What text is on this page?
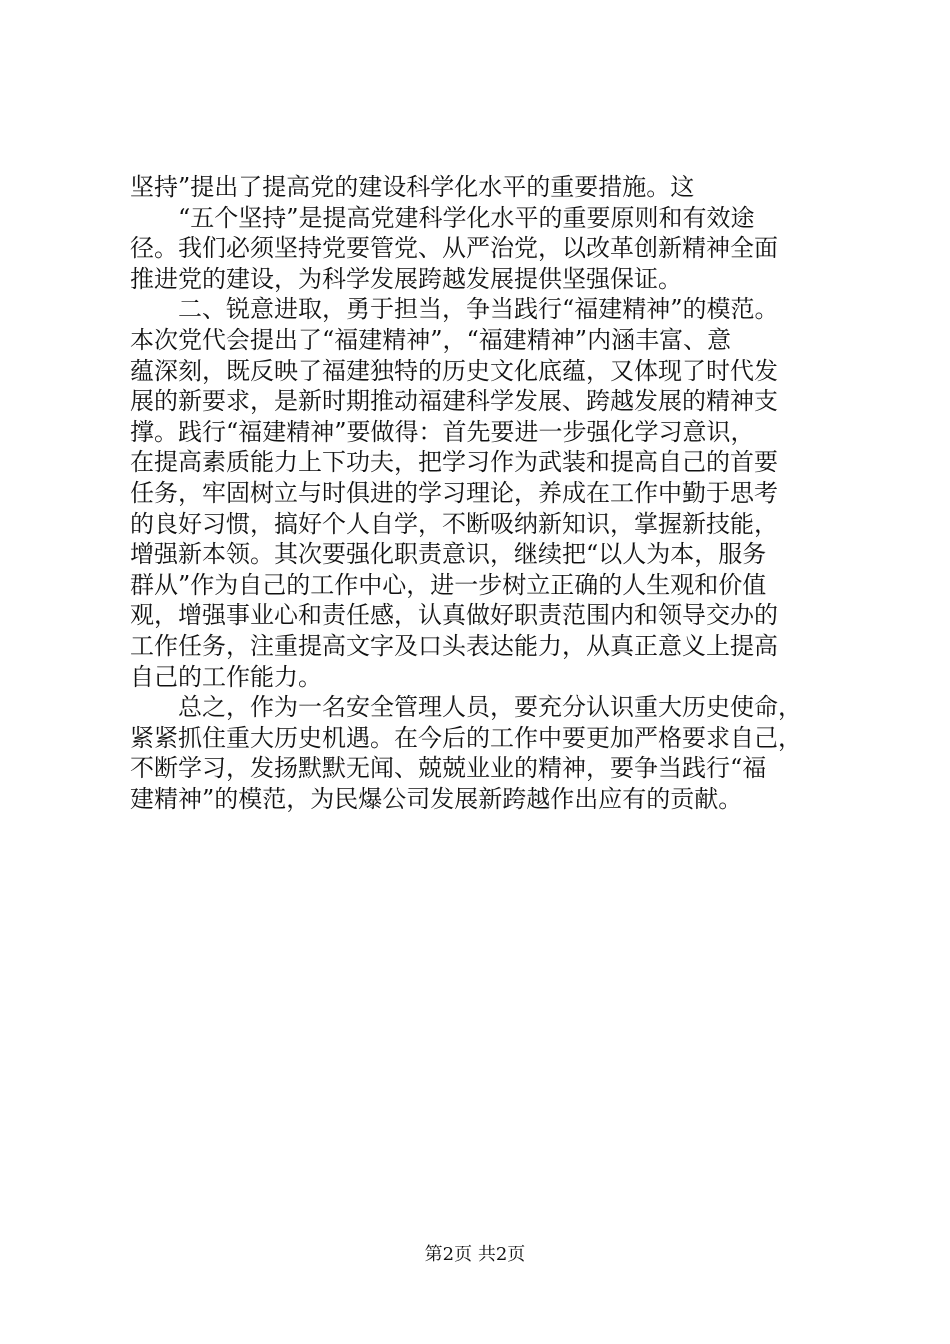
坚持”提出了提高党的建设科学化水平的重要措施。这
　　“五个坚持”是提高党建科学化水平的重要原则和有效途
径。我们必须坚持党要管党、从严治党，以改革创新精神全面
推进党的建设，为科学发展跨越发展提供坚强保证。
　　二、锐意进取，勇于担当，争当践行“福建精神”的模范。
本次党代会提出了“福建精神”，“福建精神”内涵丰富、意
蕴深刻，既反映了福建独特的历史文化底蕴，又体现了时代发
展的新要求，是新时期推动福建科学发展、跨越发展的精神支
撑。践行“福建精神”要做得：首先要进一步强化学习意识，
在提高素质能力上下功夫，把学习作为武装和提高自己的首要
任务，牢固树立与时俱进的学习理论，养成在工作中勤于思考
的良好习惯，搞好个人自学，不断吸纳新知识，掌握新技能，
增强新本领。其次要强化职责意识，继续把“以人为本，服务
群从”作为自己的工作中心，进一步树立正确的人生观和价值
观，增强事业心和责任感，认真做好职责范围内和领导交办的
工作任务，注重提高文字及口头表达能力，从真正意义上提高
自己的工作能力。
　　总之，作为一名安全管理人员，要充分认识重大历史使命，
紧紧抓住重大历史机遇。在今后的工作中要更加严格要求自己，
不断学习，发扬默默无闻、兢兢业业的精神，要争当践行“福
建精神”的模范，为民爆公司发展新跨越作出应有的贡献。
第2页 共2页
